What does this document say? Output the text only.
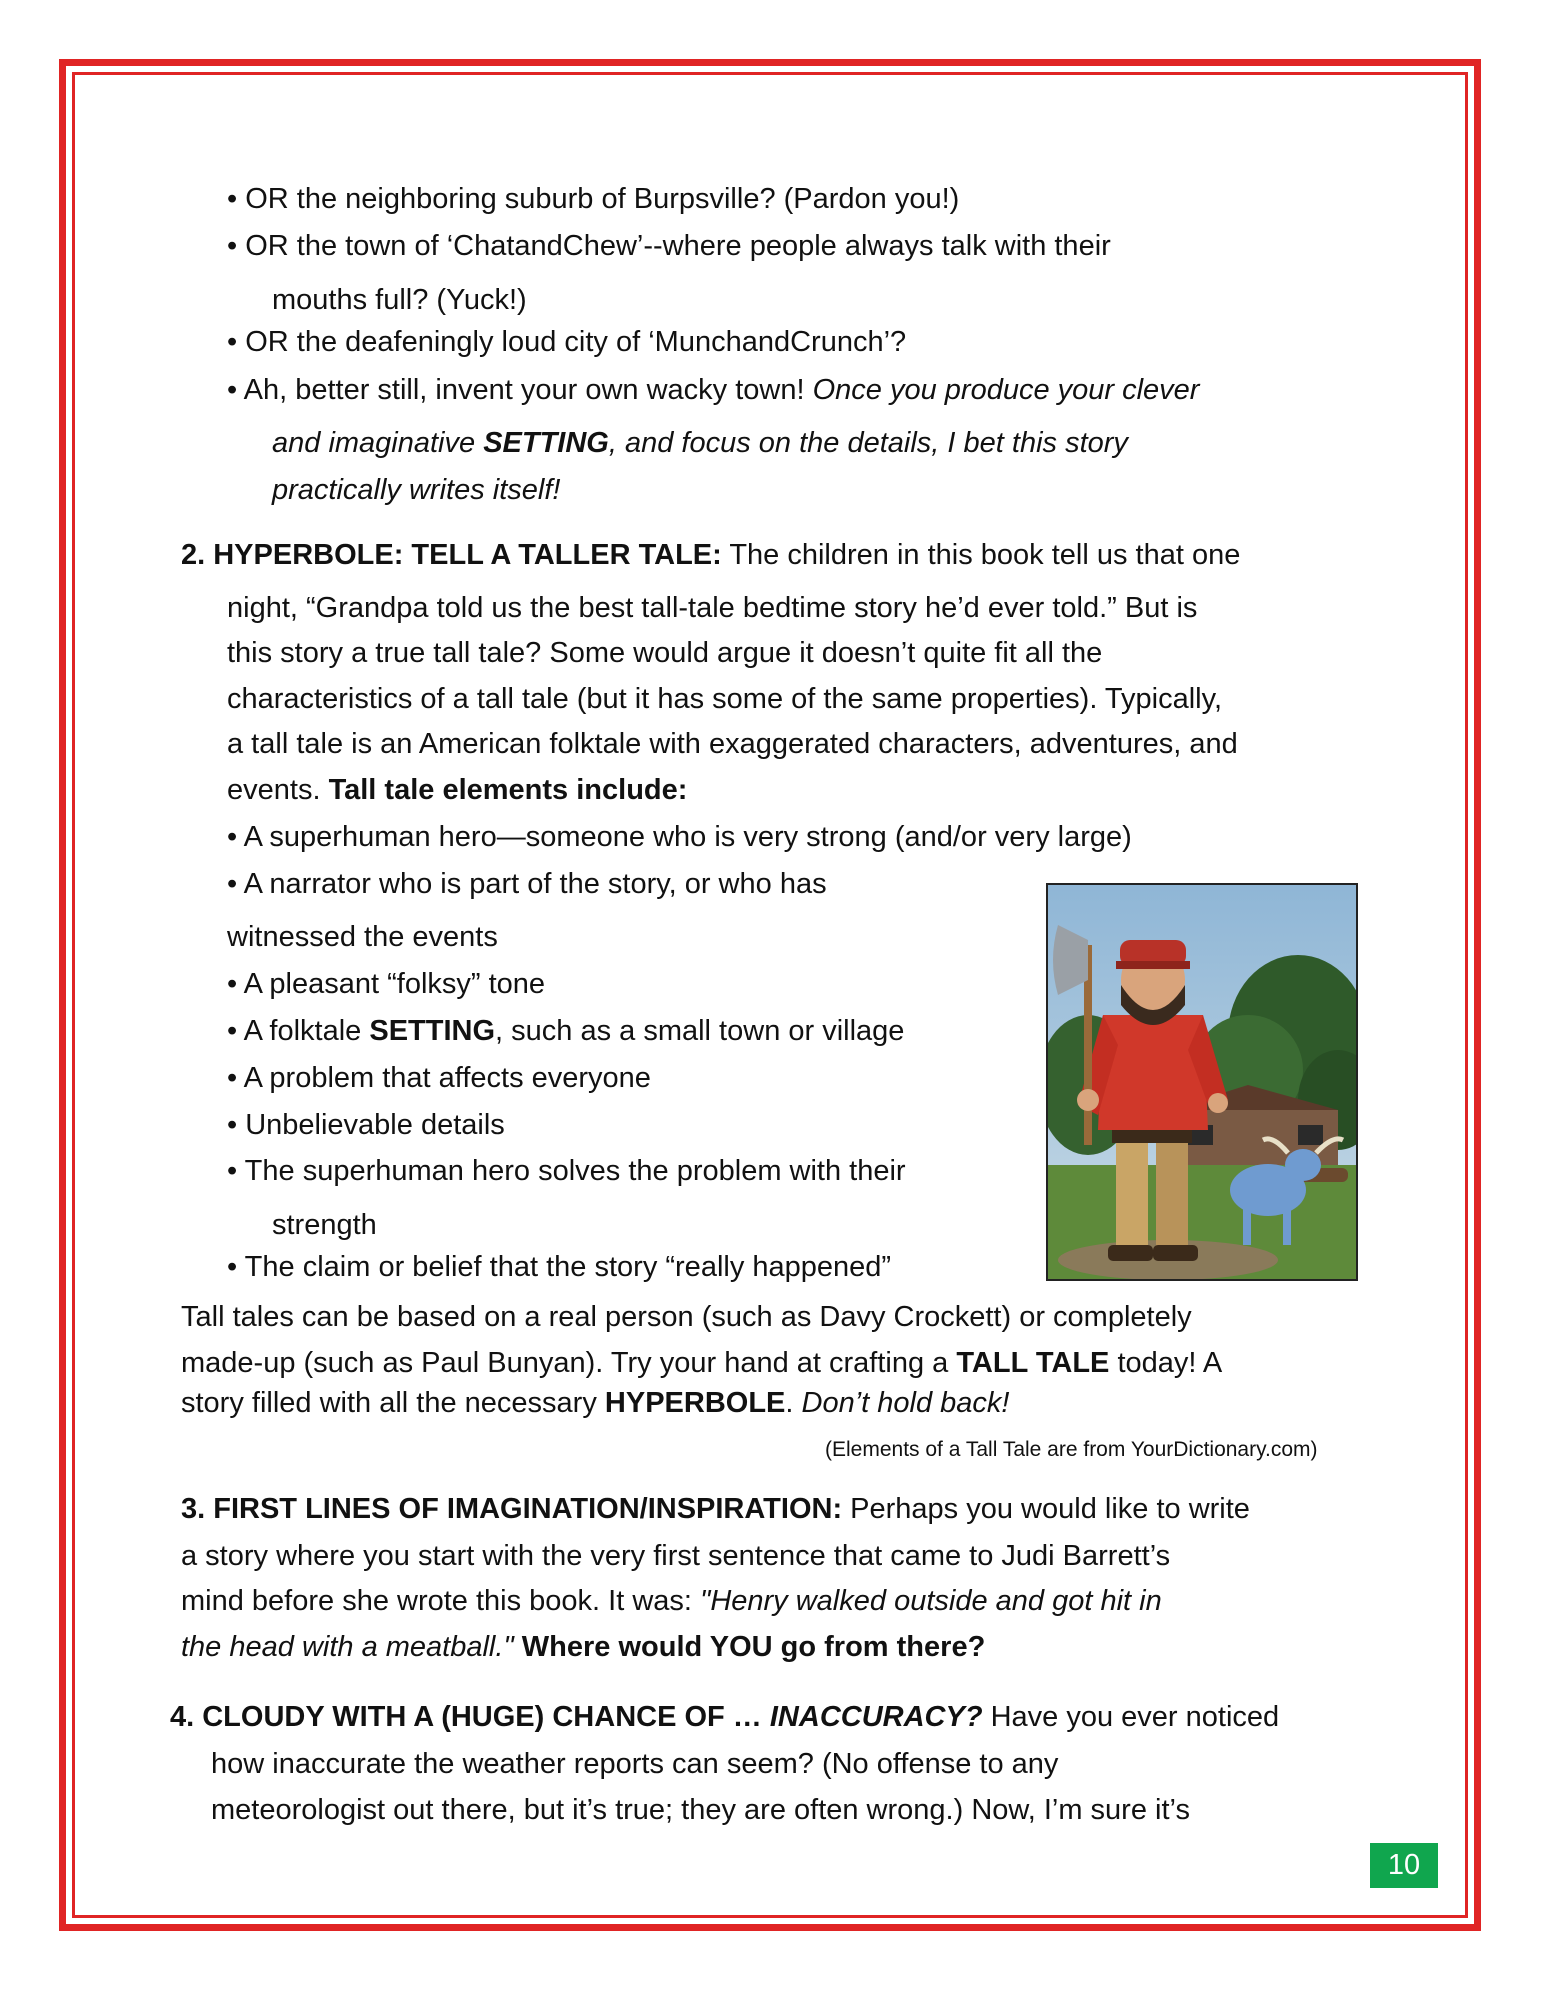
• OR the neighboring suburb of Burpsville? (Pardon you!)
• OR the town of ‘ChatandChew’--where people always talk with their
mouths full? (Yuck!)
• OR the deafeningly loud city of ‘MunchandCrunch’?
• Ah, better still, invent your own wacky town! Once you produce your clever
and imaginative SETTING, and focus on the details, I bet this story
practically writes itself!
2. HYPERBOLE: TELL A TALLER TALE: The children in this book tell us that one
night, “Grandpa told us the best tall-tale bedtime story he’d ever told.” But is
this story a true tall tale? Some would argue it doesn’t quite fit all the
characteristics of a tall tale (but it has some of the same properties). Typically,
a tall tale is an American folktale with exaggerated characters, adventures, and
events. Tall tale elements include:
• A superhuman hero—someone who is very strong (and/or very large)
• A narrator who is part of the story, or who has
witnessed the events
• A pleasant “folksy” tone
• A folktale SETTING, such as a small town or village
• A problem that affects everyone
• Unbelievable details
• The superhuman hero solves the problem with their
strength
• The claim or belief that the story “really happened”
Tall tales can be based on a real person (such as Davy Crockett) or completely
made-up (such as Paul Bunyan). Try your hand at crafting a TALL TALE today! A
story filled with all the necessary HYPERBOLE. Don’t hold back!
(Elements of a Tall Tale are from YourDictionary.com)
3. FIRST LINES OF IMAGINATION/INSPIRATION: Perhaps you would like to write
a story where you start with the very first sentence that came to Judi Barrett’s
mind before she wrote this book. It was: "Henry walked outside and got hit in
the head with a meatball." Where would YOU go from there?
4. CLOUDY WITH A (HUGE) CHANCE OF … INACCURACY? Have you ever noticed
how inaccurate the weather reports can seem? (No offense to any
meteorologist out there, but it’s true; they are often wrong.) Now, I’m sure it’s
10
